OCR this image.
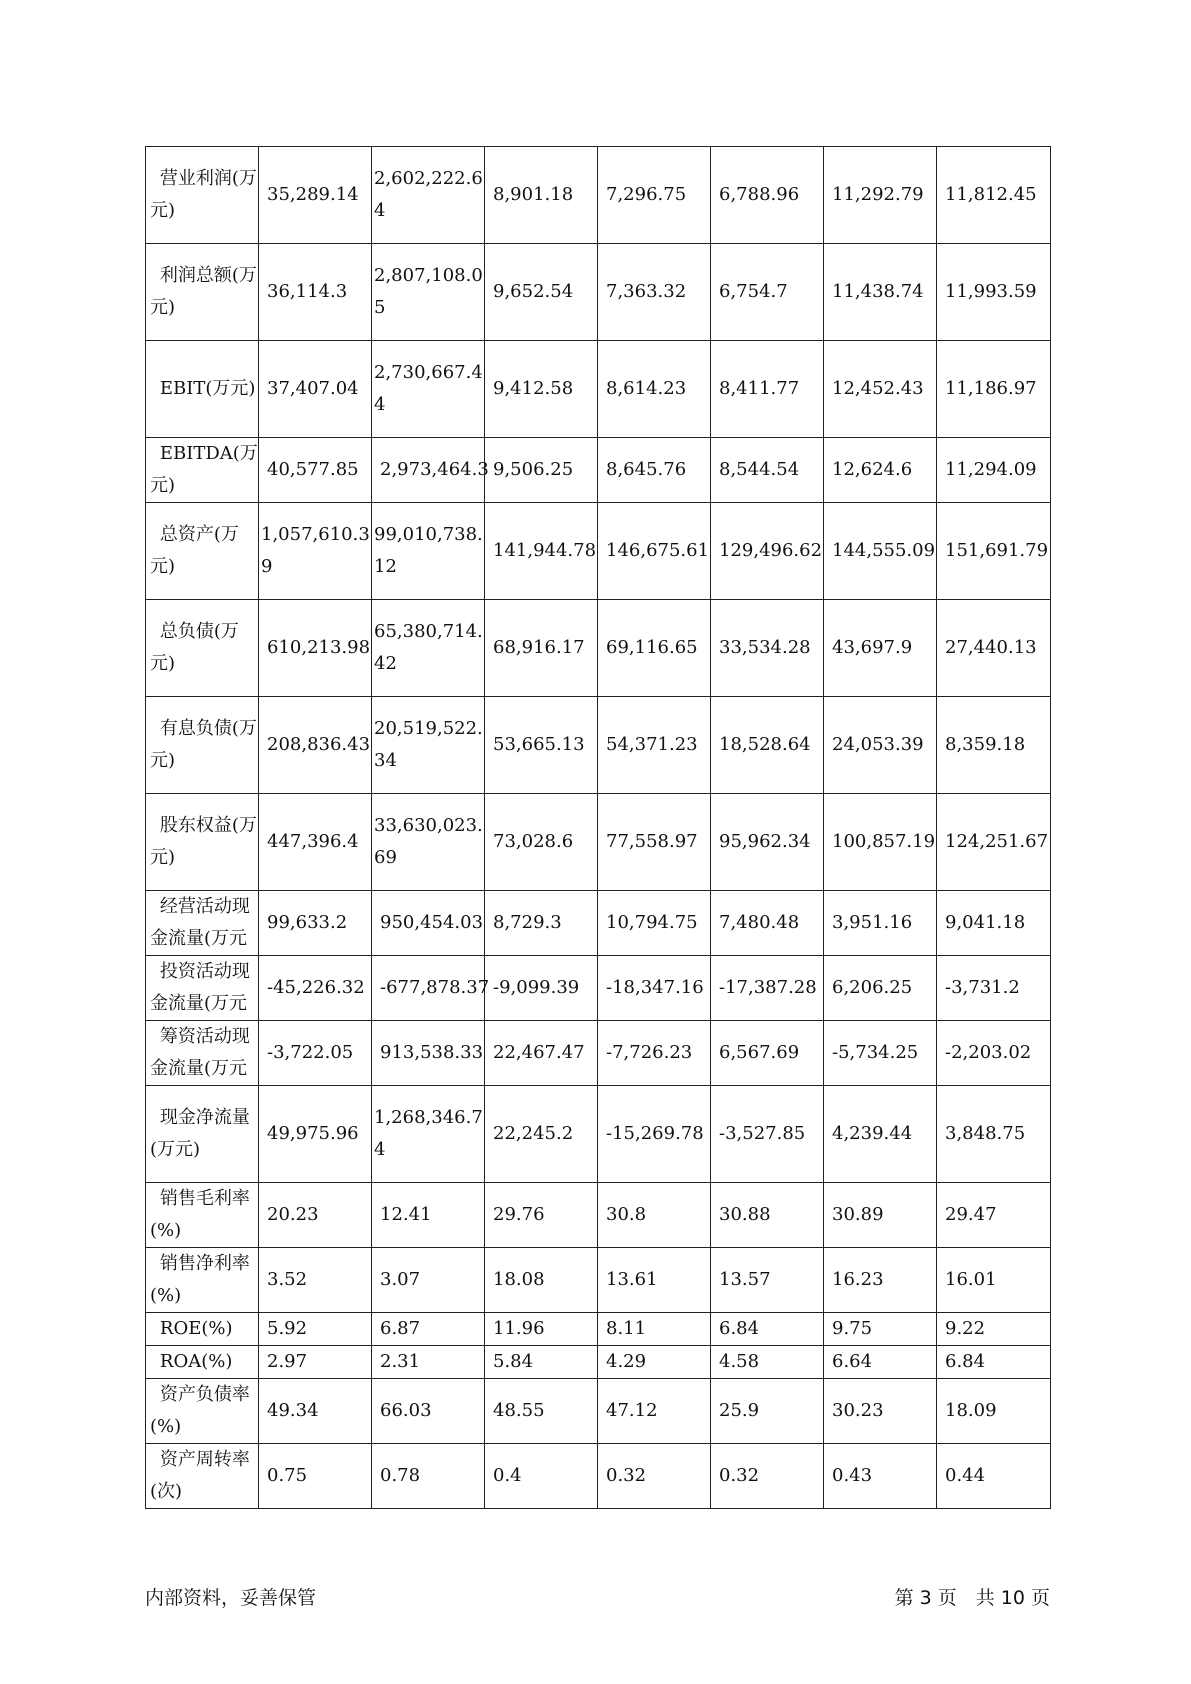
营业利润(万元)	35,289.14	2,602,222.64	8,901.18	7,296.75	6,788.96	11,292.79	11,812.45
利润总额(万元)	36,114.3	2,807,108.05	9,652.54	7,363.32	6,754.7	11,438.74	11,993.59
EBIT(万元)	37,407.04	2,730,667.44	9,412.58	8,614.23	8,411.77	12,452.43	11,186.97
EBITDA(万元)	40,577.85	2,973,464.3	9,506.25	8,645.76	8,544.54	12,624.6	11,294.09
总资产(万元)	1,057,610.39	99,010,738.12	141,944.78	146,675.61	129,496.62	144,555.09	151,691.79
总负债(万元)	610,213.98	65,380,714.42	68,916.17	69,116.65	33,534.28	43,697.9	27,440.13
有息负债(万元)	208,836.43	20,519,522.34	53,665.13	54,371.23	18,528.64	24,053.39	8,359.18
股东权益(万元)	447,396.4	33,630,023.69	73,028.6	77,558.97	95,962.34	100,857.19	124,251.67
经营活动现金流量(万元	99,633.2	950,454.03	8,729.3	10,794.75	7,480.48	3,951.16	9,041.18
投资活动现金流量(万元	-45,226.32	-677,878.37	-9,099.39	-18,347.16	-17,387.28	6,206.25	-3,731.2
筹资活动现金流量(万元	-3,722.05	913,538.33	22,467.47	-7,726.23	6,567.69	-5,734.25	-2,203.02
现金净流量(万元)	49,975.96	1,268,346.74	22,245.2	-15,269.78	-3,527.85	4,239.44	3,848.75
销售毛利率(%)	20.23	12.41	29.76	30.8	30.88	30.89	29.47
销售净利率(%)	3.52	3.07	18.08	13.61	13.57	16.23	16.01
ROE(%)	5.92	6.87	11.96	8.11	6.84	9.75	9.22
ROA(%)	2.97	2.31	5.84	4.29	4.58	6.64	6.84
资产负债率(%)	49.34	66.03	48.55	47.12	25.9	30.23	18.09
资产周转率(次)	0.75	0.78	0.4	0.32	0.32	0.43	0.44
内部资料，妥善保管	第 3 页　共 10 页
